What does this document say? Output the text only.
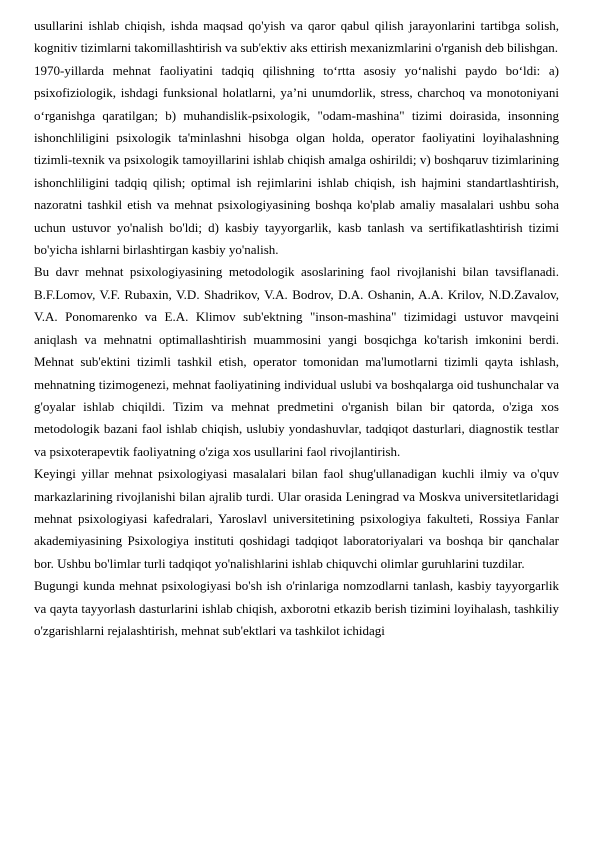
usullarini ishlab chiqish, ishda maqsad qo'yish va qaror qabul qilish jarayonlarini tartibga solish, kognitiv tizimlarni takomillashtirish va sub'ektiv aks ettirish mexanizmlarini o'rganish deb bilishgan.

1970-yillarda mehnat faoliyatini tadqiq qilishning toʻrtta asosiy yoʻnalishi paydo boʻldi: a) psixofiziologik, ishdagi funksional holatlarni, yaʼni unumdorlik, stress, charchoq va monotoniyani oʻrganishga qaratilgan; b) muhandislik-psixologik, "odam-mashina" tizimi doirasida, insonning ishonchliligini psixologik ta'minlashni hisobga olgan holda, operator faoliyatini loyihalashning tizimli-texnik va psixologik tamoyillarini ishlab chiqish amalga oshirildi; v) boshqaruv tizimlarining ishonchliligini tadqiq qilish; optimal ish rejimlarini ishlab chiqish, ish hajmini standartlashtirish, nazoratni tashkil etish va mehnat psixologiyasining boshqa ko'plab amaliy masalalari ushbu soha uchun ustuvor yo'nalish bo'ldi; d) kasbiy tayyorgarlik, kasb tanlash va sertifikatlashtirish tizimi bo'yicha ishlarni birlashtirgan kasbiy yo'nalish.

Bu davr mehnat psixologiyasining metodologik asoslarining faol rivojlanishi bilan tavsiflanadi. B.F.Lomov, V.F. Rubaxin, V.D. Shadrikov, V.A. Bodrov, D.A. Oshanin, A.A. Krilov, N.D.Zavalov, V.A. Ponomarenko va E.A. Klimov sub'ektning "inson-mashina" tizimidagi ustuvor mavqeini aniqlash va mehnatni optimallashtirish muammosini yangi bosqichga ko'tarish imkonini berdi. Mehnat sub'ektini tizimli tashkil etish, operator tomonidan ma'lumotlarni tizimli qayta ishlash, mehnatning tizimogenezi, mehnat faoliyatining individual uslubi va boshqalarga oid tushunchalar va g'oyalar ishlab chiqildi. Tizim va mehnat predmetini o'rganish bilan bir qatorda, o'ziga xos metodologik bazani faol ishlab chiqish, uslubiy yondashuvlar, tadqiqot dasturlari, diagnostik testlar va psixoterapevtik faoliyatning o'ziga xos usullarini faol rivojlantirish.

Keyingi yillar mehnat psixologiyasi masalalari bilan faol shug'ullanadigan kuchli ilmiy va o'quv markazlarining rivojlanishi bilan ajralib turdi. Ular orasida Leningrad va Moskva universitetlaridagi mehnat psixologiyasi kafedralari, Yaroslavl universitetining psixologiya fakulteti, Rossiya Fanlar akademiyasining Psixologiya instituti qoshidagi tadqiqot laboratoriyalari va boshqa bir qanchalar bor. Ushbu bo'limlar turli tadqiqot yo'nalishlarini ishlab chiquvchi olimlar guruhlarini tuzdilar.

Bugungi kunda mehnat psixologiyasi bo'sh ish o'rinlariga nomzodlarni tanlash, kasbiy tayyorgarlik va qayta tayyorlash dasturlarini ishlab chiqish, axborotni etkazib berish tizimini loyihalash, tashkiliy o'zgarishlarni rejalashtirish, mehnat sub'ektlari va tashkilot ichidagi
